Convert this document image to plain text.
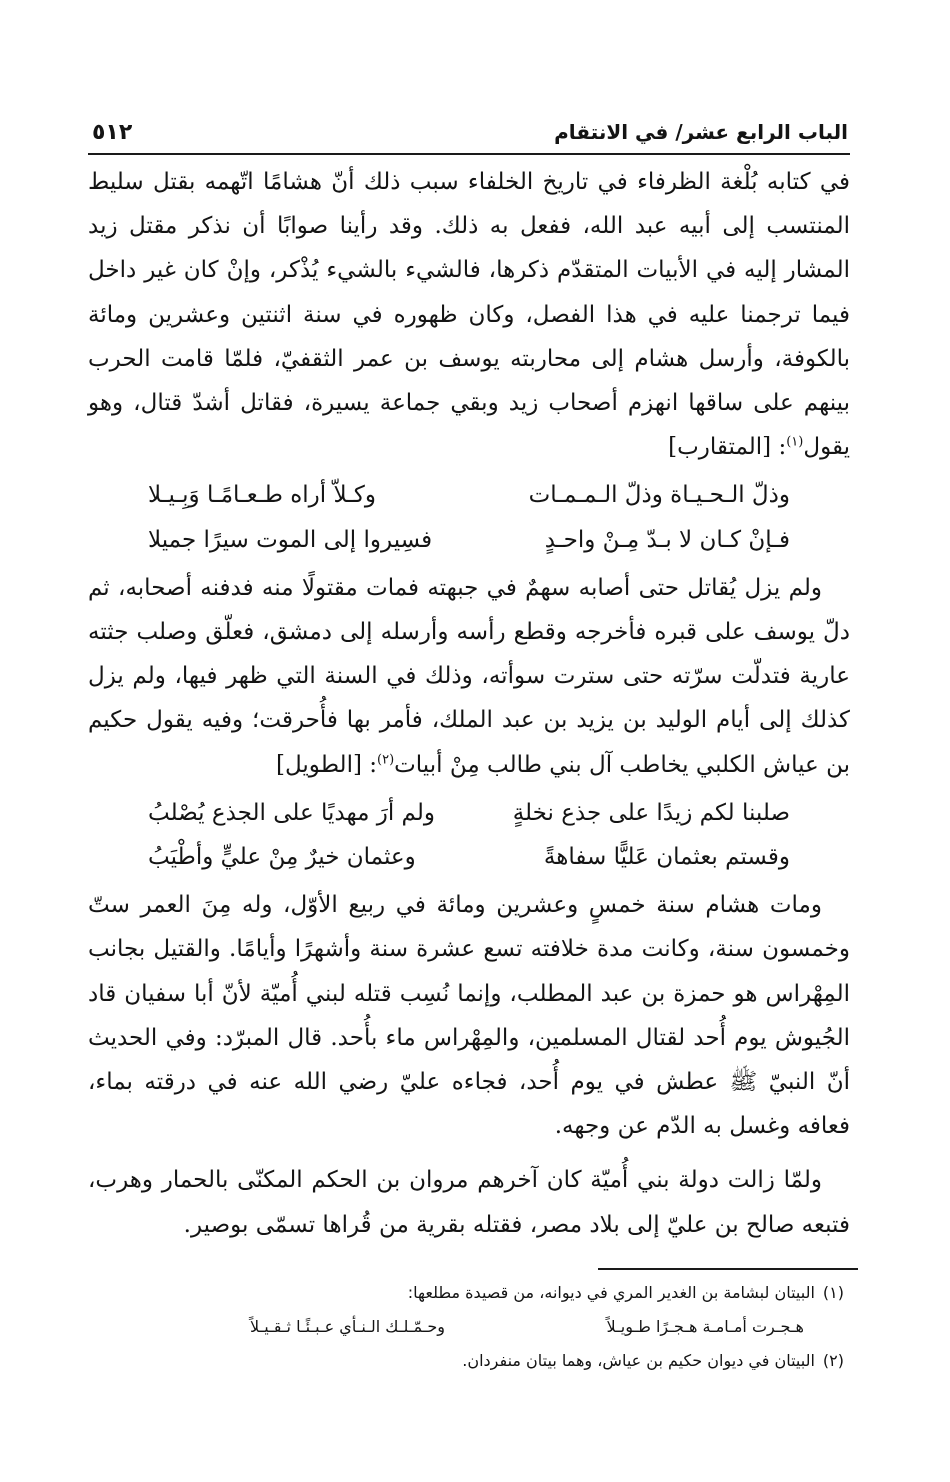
الباب الرابع عشر/ في الانتقام
٥١٢

في كتابه بُلْغة الظرفاء في تاريخ الخلفاء سبب ذلك أنّ هشامًا اتّهمه بقتل سليط المنتسب إلى أبيه عبد الله، ففعل به ذلك. وقد رأينا صوابًا أن نذكر مقتل زيد المشار إليه في الأبيات المتقدّم ذكرها، فالشيء بالشيء يُذْكر، وإنْ كان غير داخل فيما ترجمنا عليه في هذا الفصل، وكان ظهوره في سنة اثنتين وعشرين ومائة بالكوفة، وأرسل هشام إلى محاربته يوسف بن عمر الثقفيّ، فلمّا قامت الحرب بينهم على ساقها انهزم أصحاب زيد وبقي جماعة يسيرة، فقاتل أشدّ قتال، وهو يقول$^{(١)}$: [المتقارب]

وذلّ الـحـيـاة وذلّ الـمـمـات
وكـلاّ أراه طـعـامًـا وَبِـيـلا
فـإنْ كـان لا بـدّ مِـنْ واحـدٍ
فسِيروا إلى الموت سيرًا جميلا

ولم يزل يُقاتل حتى أصابه سهمٌ في جبهته فمات مقتولًا منه فدفنه أصحابه، ثم دلّ يوسف على قبره فأخرجه وقطع رأسه وأرسله إلى دمشق، فعلّق وصلب جثته عارية فتدلّت سرّته حتى سترت سوأته، وذلك في السنة التي ظهر فيها، ولم يزل كذلك إلى أيام الوليد بن يزيد بن عبد الملك، فأمر بها فأُحرقت؛ وفيه يقول حكيم بن عياش الكلبي يخاطب آل بني طالب مِنْ أبيات$^{(٢)}$: [الطويل]

صلبنا لكم زيدًا على جذع نخلةٍ
ولم أرَ مهديًا على الجذع يُصْلبُ
وقستم بعثمان عَليًّا سفاهةً
وعثمان خيرٌ مِنْ عليٍّ وأطْيَبُ

ومات هشام سنة خمسٍ وعشرين ومائة في ربيع الأوّل، وله مِنَ العمر ستّ وخمسون سنة، وكانت مدة خلافته تسع عشرة سنة وأشهرًا وأيامًا. والقتيل بجانب المِهْراس هو حمزة بن عبد المطلب، وإنما نُسِب قتله لبني أُميّة لأنّ أبا سفيان قاد الجُيوش يوم أُحد لقتال المسلمين، والمِهْراس ماء بأُحد. قال المبرّد: وفي الحديث أنّ النبيّ ﷺ عطش في يوم أُحد، فجاءه عليّ رضي الله عنه في درقته بماء، فعافه وغسل به الدّم عن وجهه.

ولمّا زالت دولة بني أُميّة كان آخرهم مروان بن الحكم المكنّى بالحمار وهرب، فتبعه صالح بن عليّ إلى بلاد مصر، فقتله بقرية من قُراها تسمّى بوصير.

(١)
البيتان لبشامة بن الغدير المري في ديوانه، من قصيدة مطلعها:
هـجـرت أمـامـة هـجـرًا طـويـلاً
وحـمّـلـك الـنـأي عـبـئًـا ثـقـيـلاً
(٢)
البيتان في ديوان حكيم بن عياش، وهما بيتان منفردان.
